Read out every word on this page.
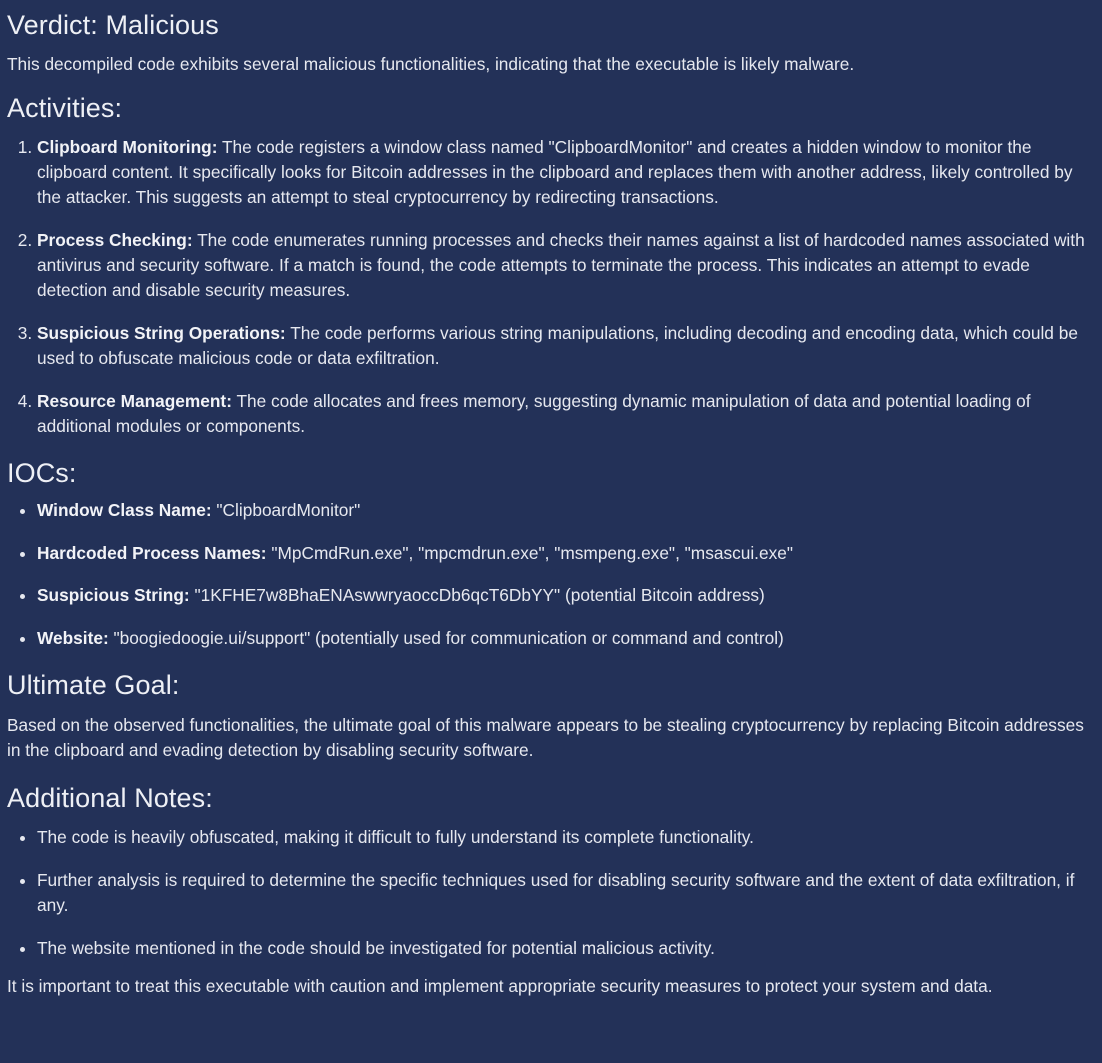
Verdict: Malicious

This decompiled code exhibits several malicious functionalities, indicating that the executable is likely malware.

Activities:
1. Clipboard Monitoring: The code registers a window class named "ClipboardMonitor" and creates a hidden window to monitor the clipboard content. It specifically looks for Bitcoin addresses in the clipboard and replaces them with another address, likely controlled by the attacker. This suggests an attempt to steal cryptocurrency by redirecting transactions.
2. Process Checking: The code enumerates running processes and checks their names against a list of hardcoded names associated with antivirus and security software. If a match is found, the code attempts to terminate the process. This indicates an attempt to evade detection and disable security measures.
3. Suspicious String Operations: The code performs various string manipulations, including decoding and encoding data, which could be used to obfuscate malicious code or data exfiltration.
4. Resource Management: The code allocates and frees memory, suggesting dynamic manipulation of data and potential loading of additional modules or components.
IOCs:
• Window Class Name: "ClipboardMonitor"
• Hardcoded Process Names: "MpCmdRun.exe", "mpcmdrun.exe", "msmpeng.exe", "msascui.exe"
• Suspicious String: "1KFHE7w8BhaENAswwryaoccDb6qcT6DbYY" (potential Bitcoin address)
• Website: "boogiedoogie.ui/support" (potentially used for communication or command and control)
Ultimate Goal:

Based on the observed functionalities, the ultimate goal of this malware appears to be stealing cryptocurrency by replacing Bitcoin addresses in the clipboard and evading detection by disabling security software.

Additional Notes:
• The code is heavily obfuscated, making it difficult to fully understand its complete functionality.
• Further analysis is required to determine the specific techniques used for disabling security software and the extent of data exfiltration, if any.
• The website mentioned in the code should be investigated for potential malicious activity.

It is important to treat this executable with caution and implement appropriate security measures to protect your system and data.
